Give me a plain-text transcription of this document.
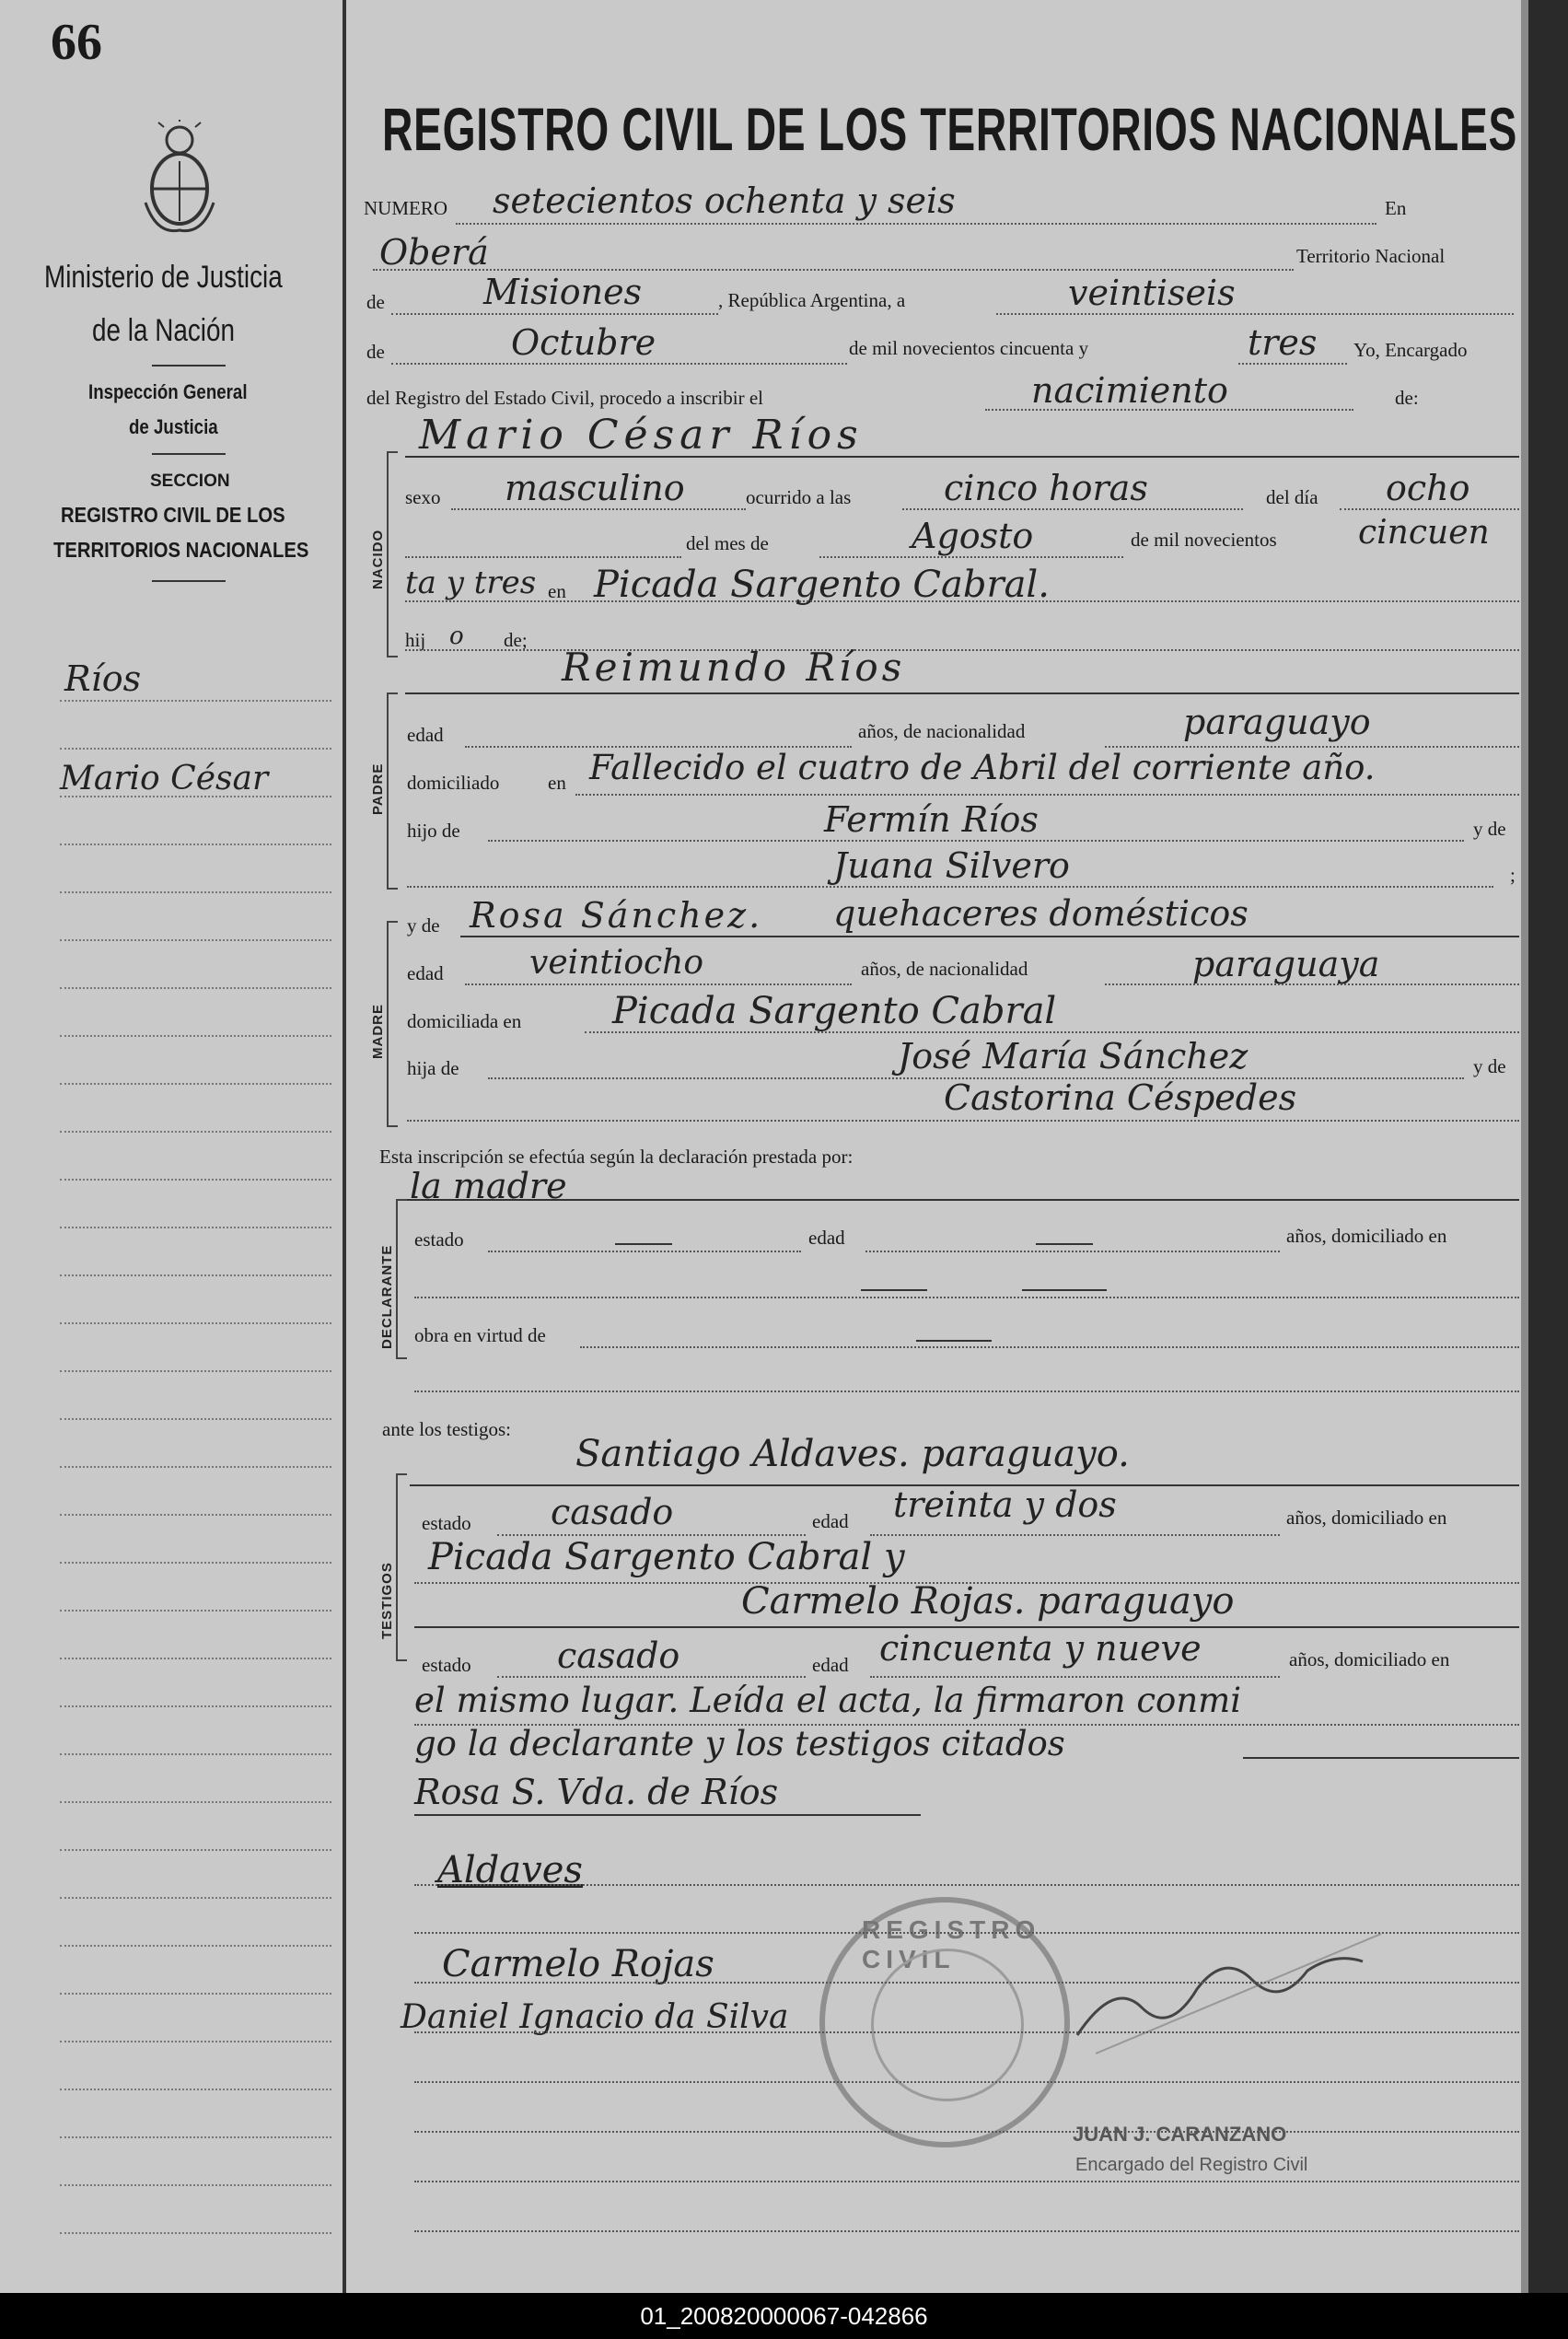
66
Ministerio de Justicia
de la Nación
Inspección General
de Justicia
SECCION
REGISTRO CIVIL DE LOS
TERRITORIOS NACIONALES
Ríos
Mario César
REGISTRO CIVIL DE LOS TERRITORIOS NACIONALES
NUMERO setecientos ochenta y seis	En
Oberá	Territorio Nacional
de	Misiones	, República Argentina, a	veintiseis
de	Octubre	de mil novecientos cincuenta y	tres Yo, Encargado
del Registro del Estado Civil, procedo a inscribir el	nacimiento	de:
NACIDO
Mario César Ríos
sexo masculino	ocurrido a las	cinco horas	del día ocho
del mes de	Agosto	de mil novecientos cincuen
ta y tres en Picada Sargento Cabral.
hij o de;
Reimundo Ríos
PADRE
edad	años, de nacionalidad	paraguayo
domiciliado	en Fallecido el cuatro de Abril del corriente año.
hijo de	Fermín Ríos	y de
Juana Silvero	;
MADRE
y de Rosa Sánchez. quehaceres domésticos
edad	veintiocho	años, de nacionalidad	paraguaya
domiciliada en Picada Sargento Cabral
hija de	José María Sánchez	y de
Castorina Céspedes
Esta inscripción se efectúa según la declaración prestada por:
la madre
DECLARANTE
estado	edad	años, domiciliado en
obra en virtud de
ante los testigos:
TESTIGOS
Santiago Aldaves. paraguayo.
estado casado	edad treinta y dos	años, domiciliado en
Picada Sargento Cabral y
Carmelo Rojas. paraguayo
estado casado	edad cincuenta y nueve	años, domiciliado en
el mismo lugar. Leída el acta, la firmaron conmi
go la declarante y los testigos citados
Rosa S. Vda. de Ríos
Aldaves
Carmelo Rojas
Daniel Ignacio da Silva
REGISTRO CIVIL
JUAN J. CARANZANO
Encargado del Registro Civil
01_200820000067-042866
